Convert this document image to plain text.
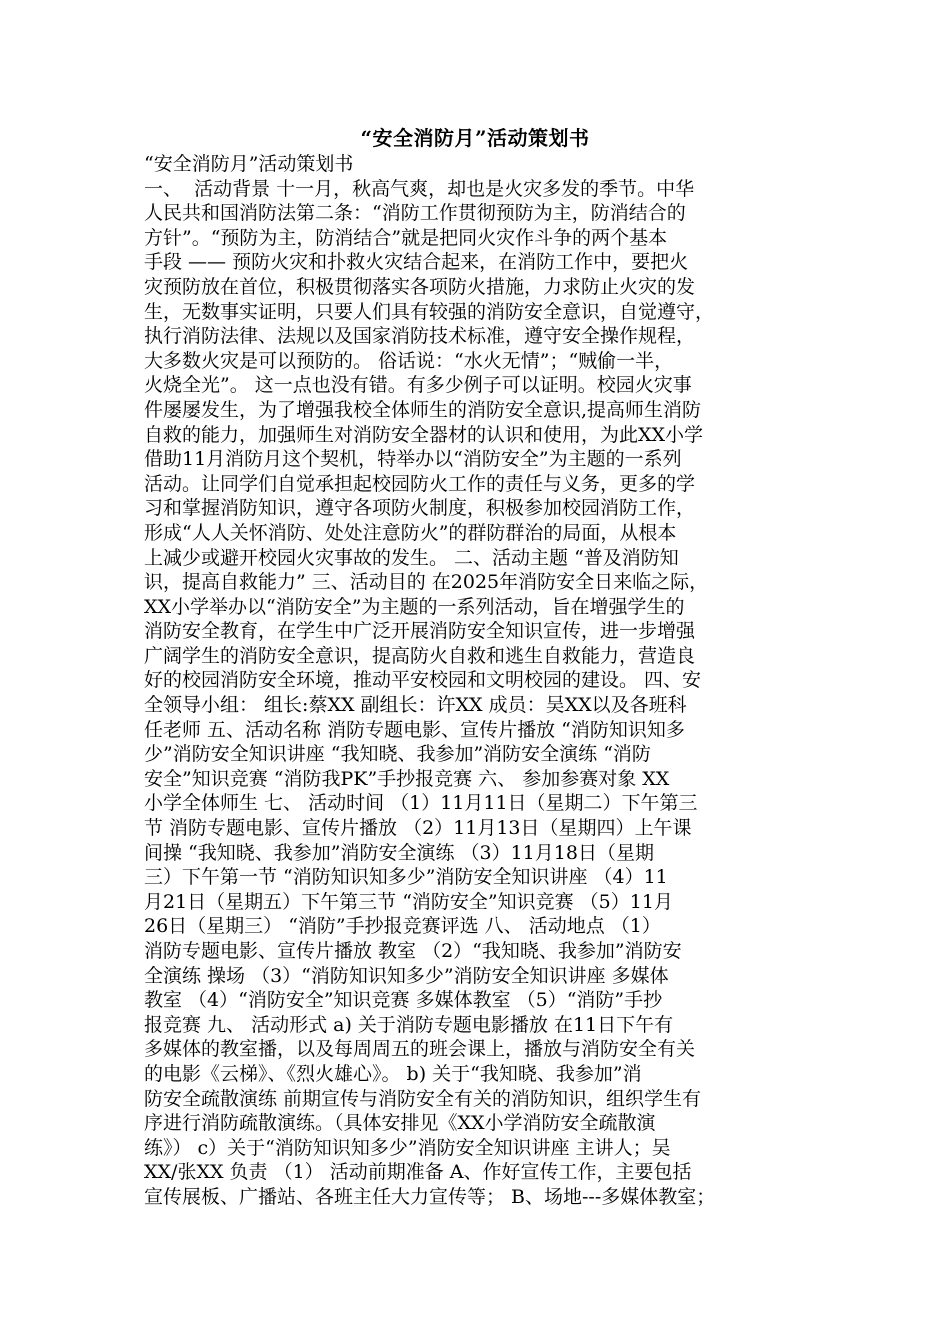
“安全消防月”活动策划书
“安全消防月”活动策划书
一、  活动背景 十一月，秋高气爽，却也是火灾多发的季节。中华
人民共和国消防法第二条：“消防工作贯彻预防为主，防消结合的
方针”。“预防为主，防消结合”就是把同火灾作斗争的两个基本
手段 —— 预防火灾和扑救火灾结合起来，在消防工作中，要把火
灾预防放在首位，积极贯彻落实各项防火措施，力求防止火灾的发
生，无数事实证明，只要人们具有较强的消防安全意识，自觉遵守，
执行消防法律、法规以及国家消防技术标准，遵守安全操作规程，
大多数火灾是可以预防的。 俗话说：“水火无情”；“贼偷一半，
火烧全光”。 这一点也没有错。有多少例子可以证明。校园火灾事
件屡屡发生，为了增强我校全体师生的消防安全意识,提高师生消防
自救的能力，加强师生对消防安全器材的认识和使用，为此XX小学
借助11月消防月这个契机，特举办以“消防安全”为主题的一系列
活动。让同学们自觉承担起校园防火工作的责任与义务，更多的学
习和掌握消防知识，遵守各项防火制度，积极参加校园消防工作，
形成“人人关怀消防、处处注意防火”的群防群治的局面，从根本
上减少或避开校园火灾事故的发生。 二、活动主题 “普及消防知
识，提高自救能力” 三、活动目的 在2025年消防安全日来临之际，
XX小学举办以“消防安全”为主题的一系列活动，旨在增强学生的
消防安全教育，在学生中广泛开展消防安全知识宣传，进一步增强
广阔学生的消防安全意识，提高防火自救和逃生自救能力，营造良
好的校园消防安全环境，推动平安校园和文明校园的建设。 四、安
全领导小组： 组长:蔡XX 副组长：许XX 成员：吴XX以及各班科
任老师 五、活动名称 消防专题电影、宣传片播放 “消防知识知多
少”消防安全知识讲座 “我知晓、我参加”消防安全演练 “消防
安全”知识竞赛 “消防我PK”手抄报竞赛 六、 参加参赛对象 XX
小学全体师生 七、 活动时间 （1）11月11日（星期二）下午第三
节 消防专题电影、宣传片播放 （2）11月13日（星期四）上午课
间操 “我知晓、我参加”消防安全演练 （3）11月18日（星期
三）下午第一节 “消防知识知多少”消防安全知识讲座 （4）11
月21日（星期五）下午第三节 “消防安全”知识竞赛 （5）11月
26日（星期三） “消防”手抄报竞赛评选 八、 活动地点 （1）
消防专题电影、宣传片播放 教室 （2）“我知晓、我参加”消防安
全演练 操场 （3）“消防知识知多少”消防安全知识讲座 多媒体
教室 （4）“消防安全”知识竞赛 多媒体教室 （5）“消防”手抄
报竞赛 九、 活动形式 a) 关于消防专题电影播放 在11日下午有
多媒体的教室播，以及每周周五的班会课上，播放与消防安全有关
的电影《云梯》、《烈火雄心》。 b) 关于“我知晓、我参加”消
防安全疏散演练 前期宣传与消防安全有关的消防知识，组织学生有
序进行消防疏散演练。（具体安排见《XX小学消防安全疏散演
练》） c）关于“消防知识知多少”消防安全知识讲座 主讲人；吴
XX/张XX 负责 （1） 活动前期准备 A、作好宣传工作，主要包括
宣传展板、广播站、各班主任大力宣传等； B、场地---多媒体教室；
